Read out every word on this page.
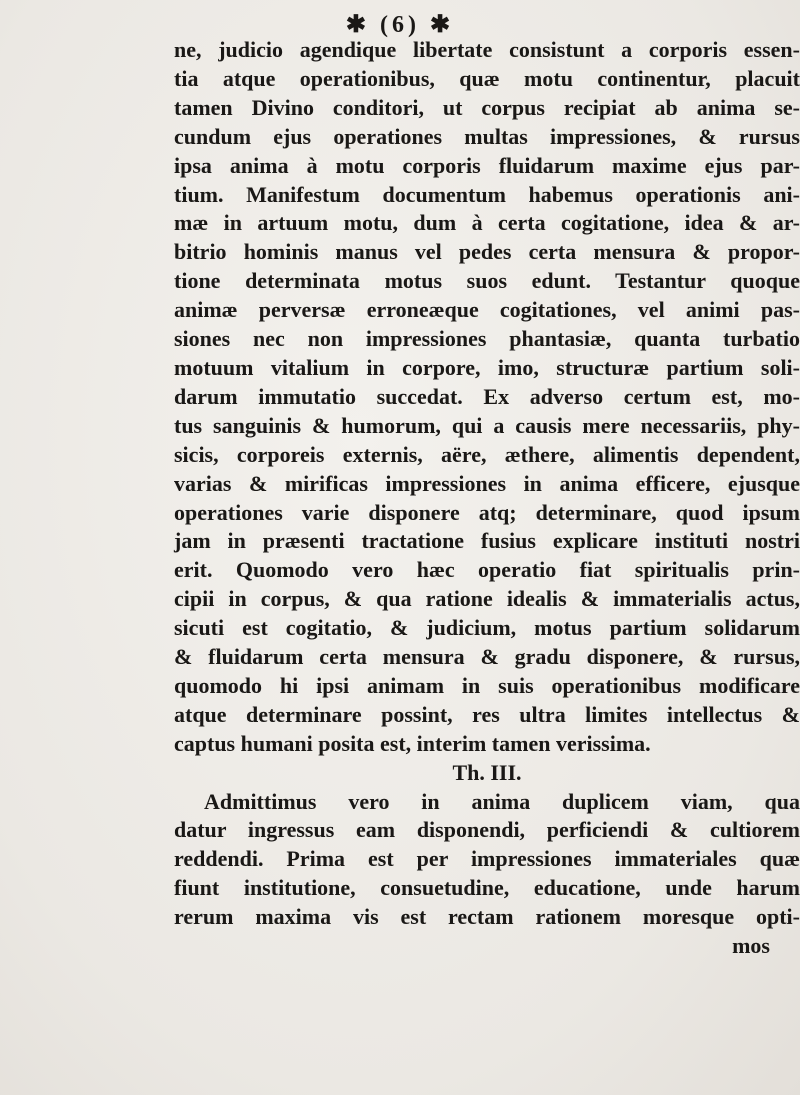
✱ (6) ✱
ne, judicio agendique libertate consistunt a corporis essen-
tia atque operationibus, quæ motu continentur, placuit
tamen Divino conditori, ut corpus recipiat ab anima se-
cundum ejus operationes multas impressiones, & rursus
ipsa anima à motu corporis fluidarum maxime ejus par-
tium. Manifestum documentum habemus operationis ani-
mæ in artuum motu, dum à certa cogitatione, idea & ar-
bitrio hominis manus vel pedes certa mensura & propor-
tione determinata motus suos edunt. Testantur quoque
animæ perversæ erroneæque cogitationes, vel animi pas-
siones nec non impressiones phantasiæ, quanta turbatio
motuum vitalium in corpore, imo, structuræ partium soli-
darum immutatio succedat. Ex adverso certum est, mo-
tus sanguinis & humorum, qui a causis mere necessariis, phy-
sicis, corporeis externis, aëre, æthere, alimentis dependent,
varias & mirificas impressiones in anima efficere, ejusque
operationes varie disponere atq; determinare, quod ipsum
jam in præsenti tractatione fusius explicare instituti nostri
erit. Quomodo vero hæc operatio fiat spiritualis prin-
cipii in corpus, & qua ratione idealis & immaterialis actus,
sicuti est cogitatio, & judicium, motus partium solidarum
& fluidarum certa mensura & gradu disponere, & rursus,
quomodo hi ipsi animam in suis operationibus modificare
atque determinare possint, res ultra limites intellectus &
captus humani posita est, interim tamen verissima.
Th. III.
Admittimus vero in anima duplicem viam, qua
datur ingressus eam disponendi, perficiendi & cultiorem
reddendi. Prima est per impressiones immateriales quæ
fiunt institutione, consuetudine, educatione, unde harum
rerum maxima vis est rectam rationem moresque opti-
mos
